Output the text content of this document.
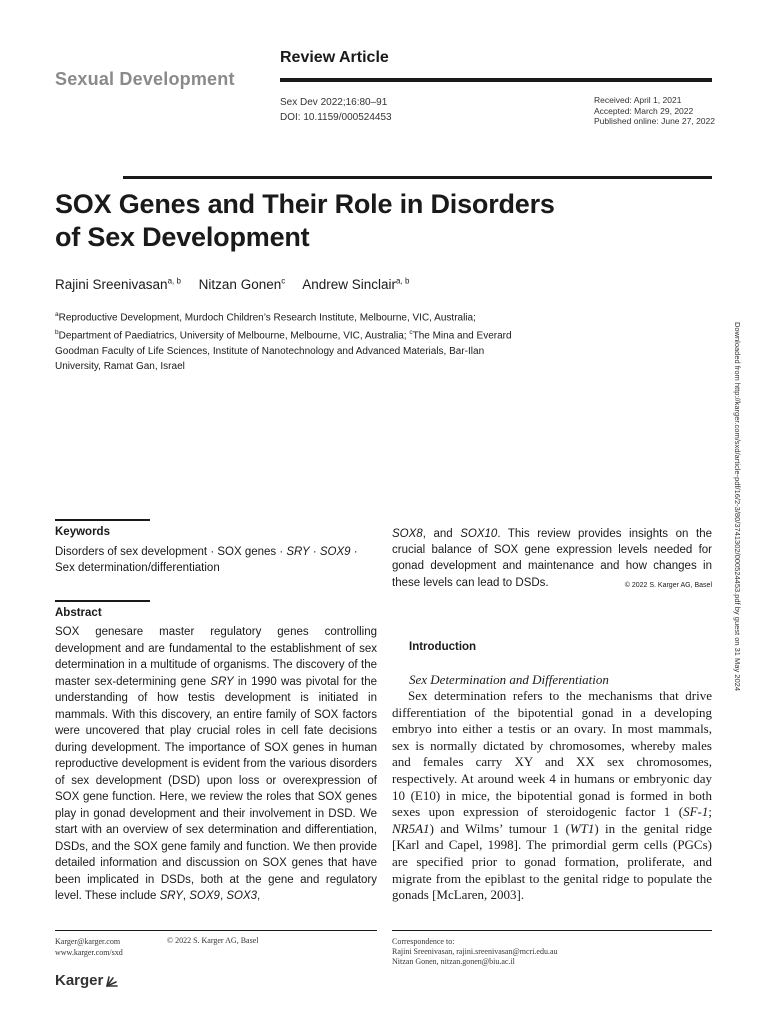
Sexual Development
Review Article
Sex Dev 2022;16:80–91
DOI: 10.1159/000524453
Received: April 1, 2021
Accepted: March 29, 2022
Published online: June 27, 2022
SOX Genes and Their Role in Disorders
of Sex Development
Rajini Sreenivasan$^{a, b}$ Nitzan Gonen$^c$ Andrew Sinclair$^{a, b}$
$^a$Reproductive Development, Murdoch Children’s Research Institute, Melbourne, VIC, Australia;
$^b$Department of Paediatrics, University of Melbourne, Melbourne, VIC, Australia; $^c$The Mina and Everard Goodman Faculty of Life Sciences, Institute of Nanotechnology and Advanced Materials, Bar-Ilan University, Ramat Gan, Israel
Keywords
Disorders of sex development · SOX genes · SRY · SOX9 ·
Sex determination/differentiation
Abstract
SOX genesare master regulatory genes controlling development and are fundamental to the establishment of sex determination in a multitude of organisms. The discovery of the master sex-determining gene SRY in 1990 was pivotal for the understanding of how testis development is initiated in mammals. With this discovery, an entire family of SOX factors were uncovered that play crucial roles in cell fate decisions during development. The importance of SOX genes in human reproductive development is evident from the various disorders of sex development (DSD) upon loss or overexpression of SOX gene function. Here, we review the roles that SOX genes play in gonad development and their involvement in DSD. We start with an overview of sex determination and differentiation, DSDs, and the SOX gene family and function. We then provide detailed information and discussion on SOX genes that have been implicated in DSDs, both at the gene and regulatory level. These include SRY, SOX9, SOX3,
SOX8, and SOX10. This review provides insights on the crucial balance of SOX gene expression levels needed for gonad development and maintenance and how changes in these levels can lead to DSDs.	© 2022 S. Karger AG, Basel
Introduction
Sex Determination and Differentiation
Sex determination refers to the mechanisms that drive differentiation of the bipotential gonad in a developing embryo into either a testis or an ovary. In most mammals, sex is normally dictated by chromosomes, whereby males and females carry XY and XX sex chromosomes, respectively. At around week 4 in humans or embryonic day 10 (E10) in mice, the bipotential gonad is formed in both sexes upon expression of steroidogenic factor 1 (SF-1; NR5A1) and Wilms’ tumour 1 (WT1) in the genital ridge [Karl and Capel, 1998]. The primordial germ cells (PGCs) are specified prior to gonad formation, proliferate, and migrate from the epiblast to the genital ridge to populate the gonads [McLaren, 2003].
Karger@karger.com
www.karger.com/sxd
© 2022 S. Karger AG, Basel	Correspondence to:
Rajini Sreenivasan, rajini.sreenivasan@mcri.edu.au
Nitzan Gonen, nitzan.gonen@biu.ac.il
Karger
Downloaded from http://karger.com/sxd/article-pdf/16/2-3/80/3741302/000524453.pdf by guest on 31 May 2024
